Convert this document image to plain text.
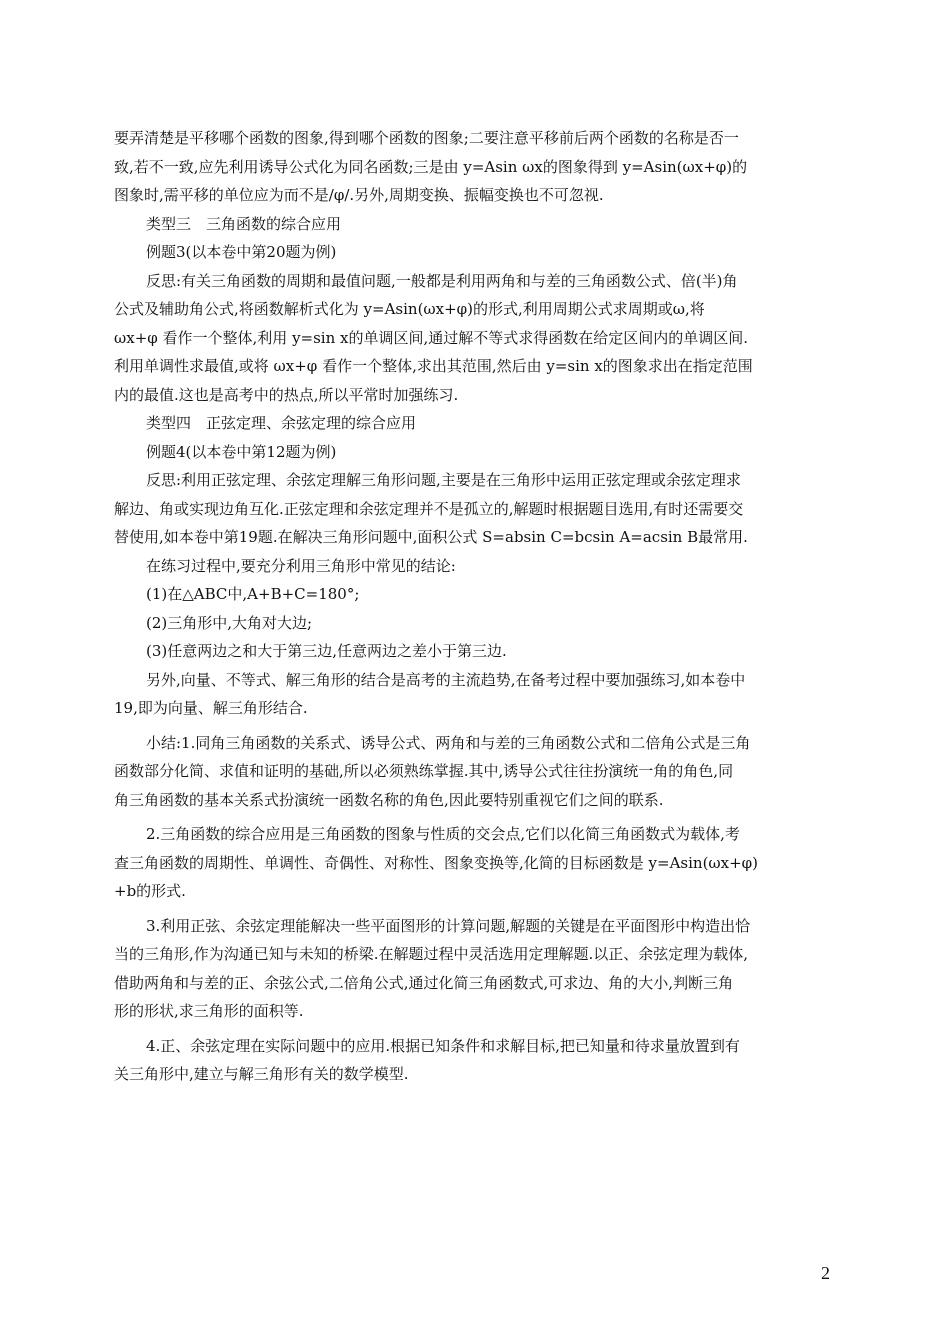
要弄清楚是平移哪个函数的图象,得到哪个函数的图象;二要注意平移前后两个函数的名称是否一
致,若不一致,应先利用诱导公式化为同名函数;三是由 y=Asin ωx的图象得到 y=Asin(ωx+φ)的
图象时,需平移的单位应为而不是/φ/.另外,周期变换、振幅变换也不可忽视.
类型三　三角函数的综合应用
例题3(以本卷中第20题为例)
反思:有关三角函数的周期和最值问题,一般都是利用两角和与差的三角函数公式、倍(半)角
公式及辅助角公式,将函数解析式化为 y=Asin(ωx+φ)的形式,利用周期公式求周期或ω,将
ωx+φ 看作一个整体,利用 y=sin x的单调区间,通过解不等式求得函数在给定区间内的单调区间.
利用单调性求最值,或将 ωx+φ 看作一个整体,求出其范围,然后由 y=sin x的图象求出在指定范围
内的最值.这也是高考中的热点,所以平常时加强练习.
类型四　正弦定理、余弦定理的综合应用
例题4(以本卷中第12题为例)
反思:利用正弦定理、余弦定理解三角形问题,主要是在三角形中运用正弦定理或余弦定理求
解边、角或实现边角互化.正弦定理和余弦定理并不是孤立的,解题时根据题目选用,有时还需要交
替使用,如本卷中第19题.在解决三角形问题中,面积公式 S=absin C=bcsin A=acsin B最常用.
在练习过程中,要充分利用三角形中常见的结论:
(1)在△ABC中,A+B+C=180°;
(2)三角形中,大角对大边;
(3)任意两边之和大于第三边,任意两边之差小于第三边.
另外,向量、不等式、解三角形的结合是高考的主流趋势,在备考过程中要加强练习,如本卷中
19,即为向量、解三角形结合.
小结:1.同角三角函数的关系式、诱导公式、两角和与差的三角函数公式和二倍角公式是三角
函数部分化简、求值和证明的基础,所以必须熟练掌握.其中,诱导公式往往扮演统一角的角色,同
角三角函数的基本关系式扮演统一函数名称的角色,因此要特别重视它们之间的联系.
2.三角函数的综合应用是三角函数的图象与性质的交会点,它们以化简三角函数式为载体,考
查三角函数的周期性、单调性、奇偶性、对称性、图象变换等,化简的目标函数是 y=Asin(ωx+φ)
+b的形式.
3.利用正弦、余弦定理能解决一些平面图形的计算问题,解题的关键是在平面图形中构造出恰
当的三角形,作为沟通已知与未知的桥梁.在解题过程中灵活选用定理解题.以正、余弦定理为载体,
借助两角和与差的正、余弦公式,二倍角公式,通过化简三角函数式,可求边、角的大小,判断三角
形的形状,求三角形的面积等.
4.正、余弦定理在实际问题中的应用.根据已知条件和求解目标,把已知量和待求量放置到有
关三角形中,建立与解三角形有关的数学模型.
2
